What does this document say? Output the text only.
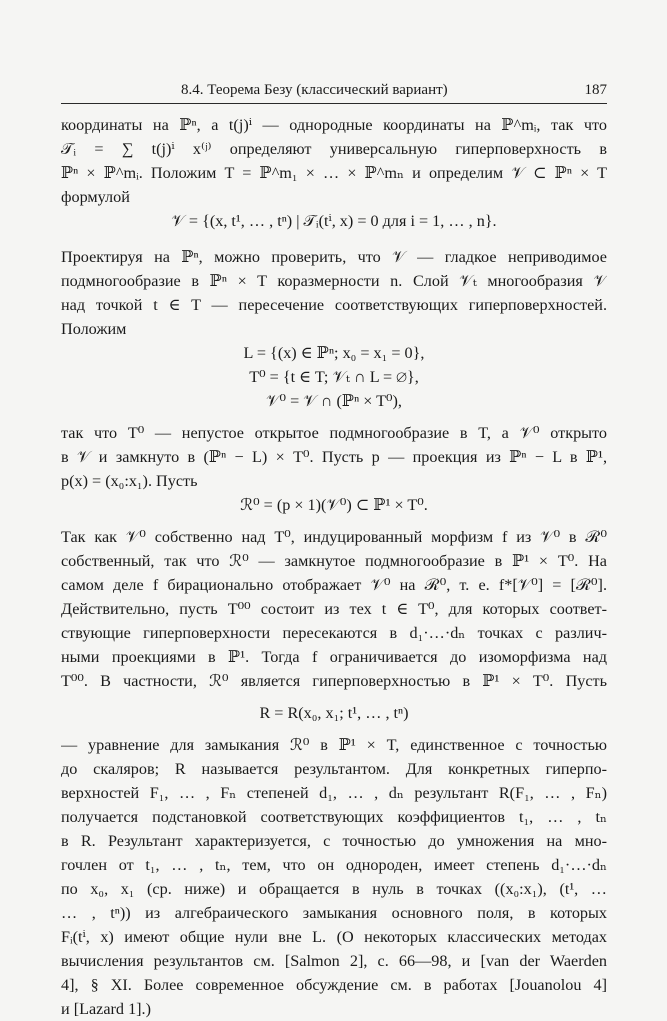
8.4. Теорема Безу (классический вариант)	187
координаты на ℙⁿ, а t(j)ⁱ — однородные координаты на ℙ^mᵢ, так что
𝒯ᵢ = ∑ t(j)ⁱ x⁽ʲ⁾ определяют универсальную гиперповерхность в
ℙⁿ × ℙ^mᵢ. Положим T = ℙ^m₁ × … × ℙ^mₙ и определим 𝒱 ⊂ ℙⁿ × T
формулой
𝒱 = {(x, t¹, … , tⁿ) | 𝒯ᵢ(tⁱ, x) = 0 для i = 1, … , n}.
Проектируя на ℙⁿ, можно проверить, что 𝒱 — гладкое неприводимое
подмногообразие в ℙⁿ × T коразмерности n. Слой 𝒱ₜ многообразия 𝒱
над точкой t ∈ T — пересечение соответствующих гиперповерхностей.
Положим
L = {(x) ∈ ℙⁿ; x₀ = x₁ = 0},
T⁰ = {t ∈ T; 𝒱ₜ ∩ L = ∅},
𝒱⁰ = 𝒱 ∩ (ℙⁿ × T⁰),
так что T⁰ — непустое открытое подмногообразие в T, а 𝒱⁰ открыто
в 𝒱 и замкнуто в (ℙⁿ − L) × T⁰. Пусть p — проекция из ℙⁿ − L в ℙ¹,
p(x) = (x₀:x₁). Пусть
ℛ⁰ = (p × 1)(𝒱⁰) ⊂ ℙ¹ × T⁰.
Так как 𝒱⁰ собственно над T⁰, индуцированный морфизм f из 𝒱⁰ в ℛ⁰
собственный, так что ℛ⁰ — замкнутое подмногообразие в ℙ¹ × T⁰. На
самом деле f бирационально отображает 𝒱⁰ на ℛ⁰, т. е. f*[𝒱⁰] = [ℛ⁰].
Действительно, пусть T⁰⁰ состоит из тех t ∈ T⁰, для которых соответ-
ствующие гиперповерхности пересекаются в d₁·…·dₙ точках с различ-
ными проекциями в ℙ¹. Тогда f ограничивается до изоморфизма над
T⁰⁰. В частности, ℛ⁰ является гиперповерхностью в ℙ¹ × T⁰. Пусть
R = R(x₀, x₁; t¹, … , tⁿ)
— уравнение для замыкания ℛ⁰ в ℙ¹ × T, единственное с точностью
до скаляров; R называется результантом. Для конкретных гиперпо-
верхностей F₁, … , Fₙ степеней d₁, … , dₙ результант R(F₁, … , Fₙ)
получается подстановкой соответствующих коэффициентов t₁, … , tₙ
в R. Результант характеризуется, с точностью до умножения на мно-
гочлен от t₁, … , tₙ, тем, что он однороден, имеет степень d₁·…·dₙ
по x₀, x₁ (ср. ниже) и обращается в нуль в точках ((x₀:x₁), (t¹, …
… , tⁿ)) из алгебраического замыкания основного поля, в которых
Fᵢ(tⁱ, x) имеют общие нули вне L. (О некоторых классических методах
вычисления результантов см. [Salmon 2], с. 66—98, и [van der Waerden
4], § XI. Более современное обсуждение см. в работах [Jouanolou 4]
и [Lazard 1].)
